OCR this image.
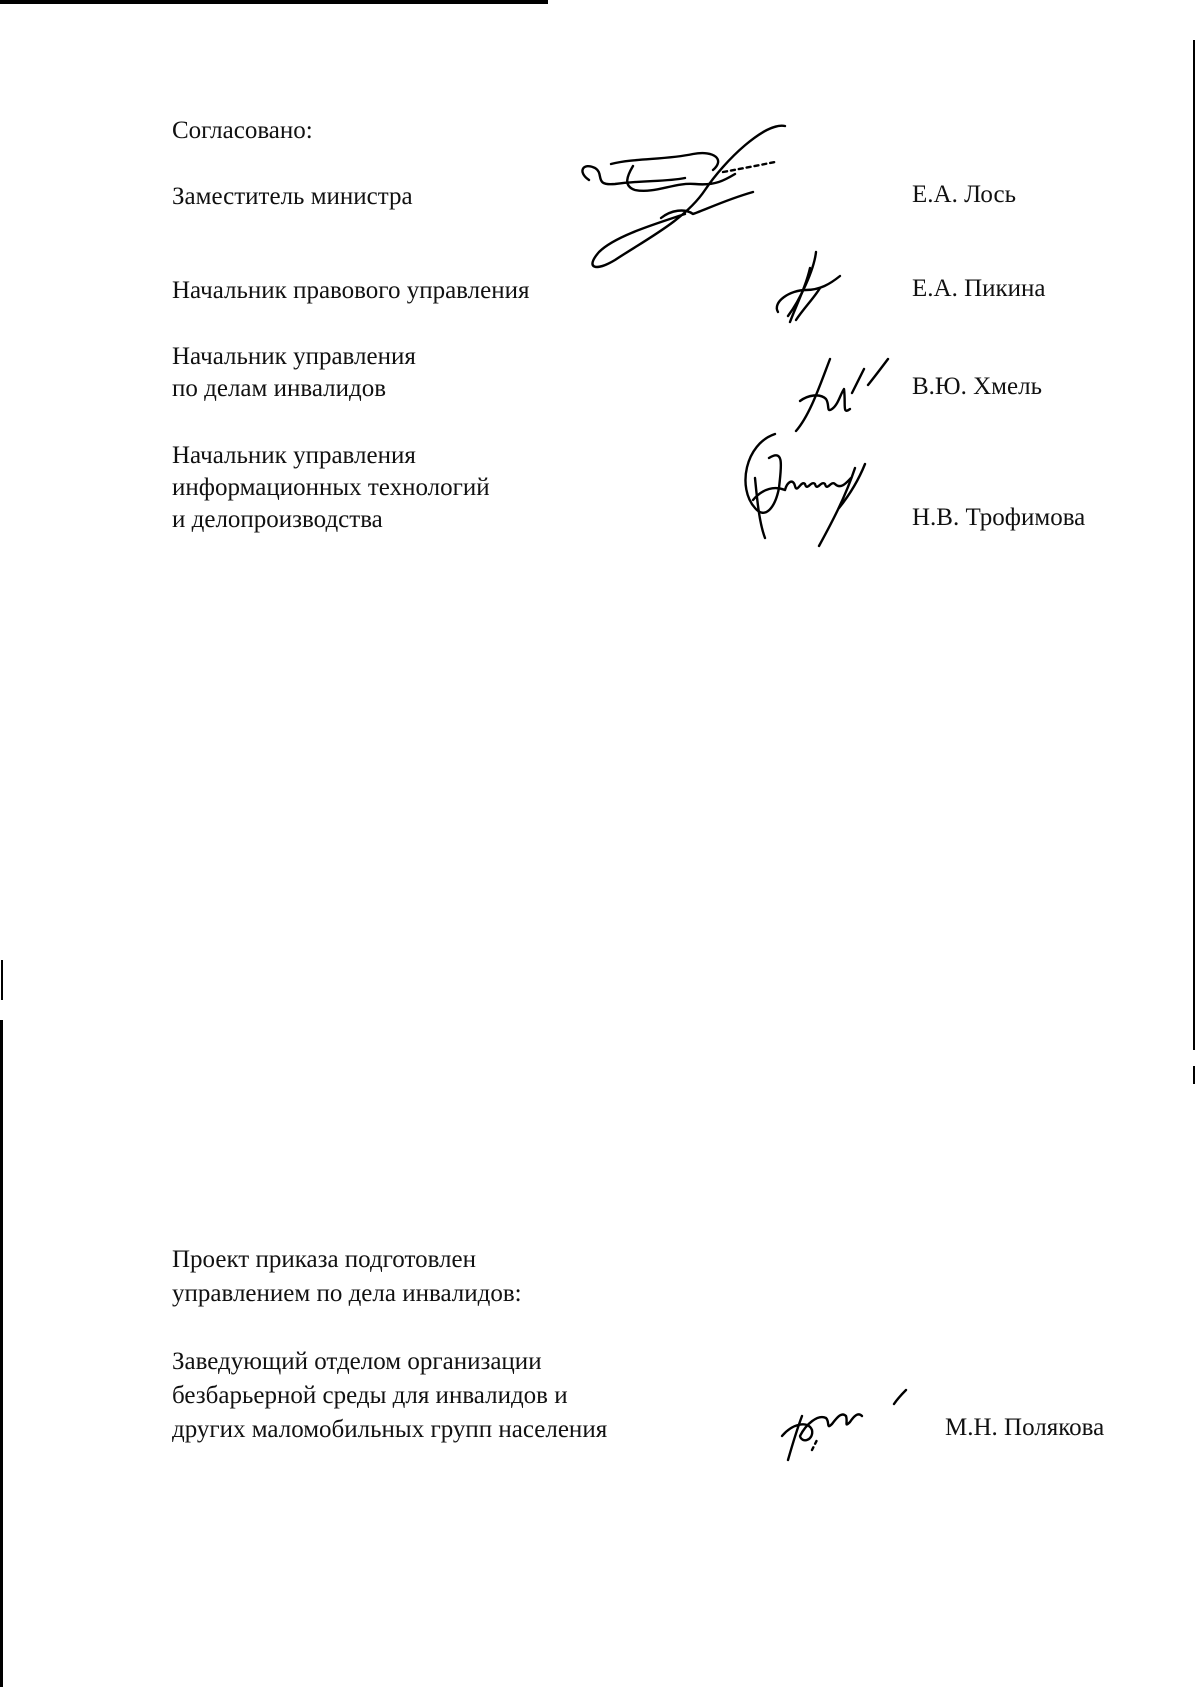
Согласовано:
Заместитель министра	Е.А. Лось
Начальник правового управления	Е.А. Пикина
Начальник управления
по делам инвалидов	В.Ю. Хмель
Начальник управления
информационных технологий
и делопроизводства	Н.В. Трофимова
Проект приказа подготовлен
управлением по дела инвалидов:
Заведующий отделом организации
безбарьерной среды для инвалидов и
других маломобильных групп населения	М.Н. Полякова
